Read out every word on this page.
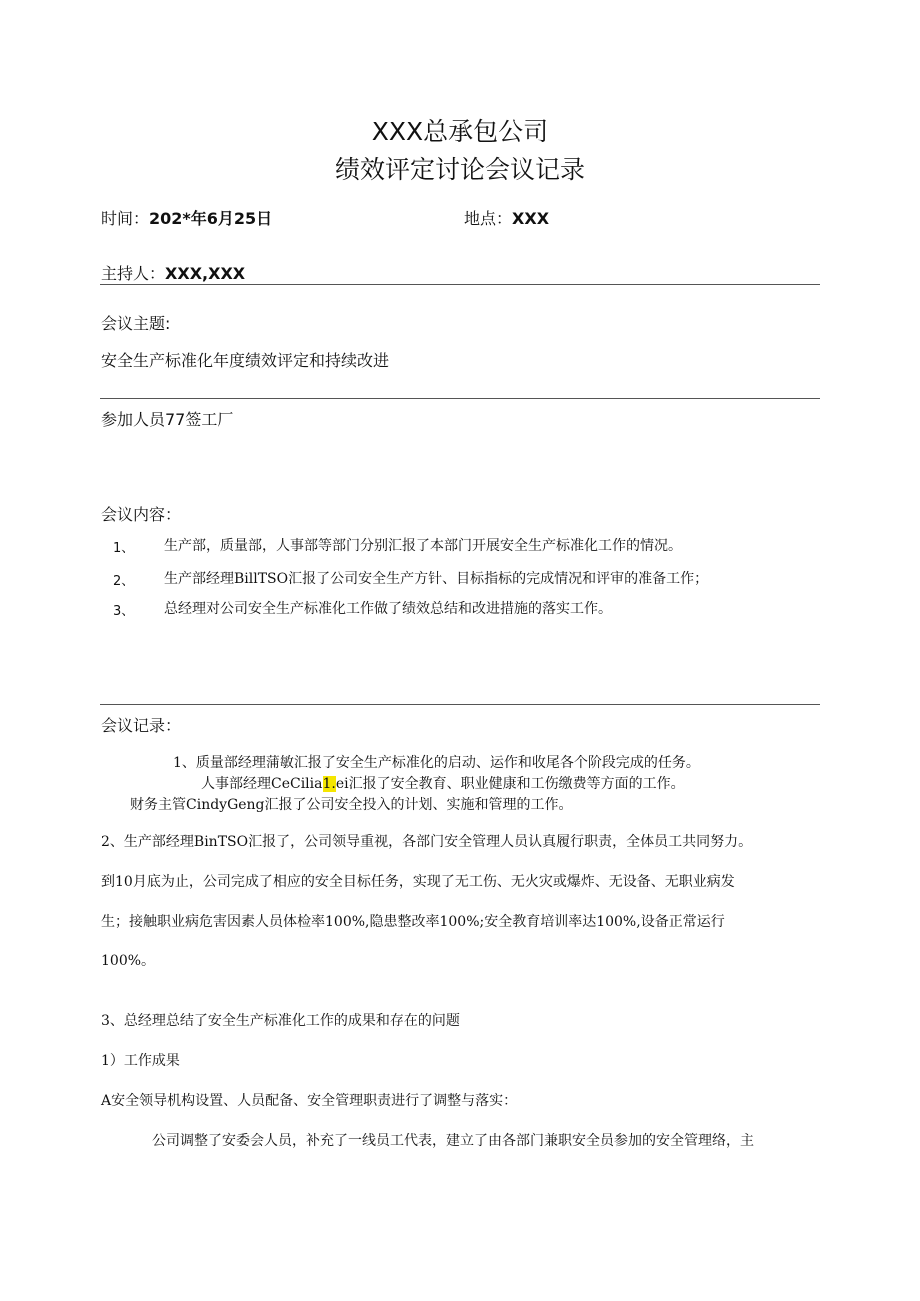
XXX总承包公司
绩效评定讨论会议记录
时间：202*年6月25日	地点：XXX
主持人：XXX,XXX
会议主题:
安全生产标准化年度绩效评定和持续改进
参加人员77签工厂
会议内容：
1、 生产部，质量部，人事部等部门分别汇报了本部门开展安全生产标准化工作的情况。
2、 生产部经理BillTSO汇报了公司安全生产方针、目标指标的完成情况和评审的准备工作；
3、 总经理对公司安全生产标准化工作做了绩效总结和改进措施的落实工作。
会议记录：
1、质量部经理蒲敏汇报了安全生产标准化的启动、运作和收尾各个阶段完成的任务。
人事部经理CeCilia1.ei汇报了安全教育、职业健康和工伤缴费等方面的工作。
财务主管CindyGeng汇报了公司安全投入的计划、实施和管理的工作。
2、生产部经理BinTSO汇报了，公司领导重视，各部门安全管理人员认真履行职责，全体员工共同努力。
到10月底为止，公司完成了相应的安全目标任务，实现了无工伤、无火灾或爆炸、无设备、无职业病发
生；接触职业病危害因素人员体检率100%,隐患整改率100%;安全教育培训率达100%,设备正常运行
100%。
3、总经理总结了安全生产标准化工作的成果和存在的问题
1）工作成果
A安全领导机构设置、人员配备、安全管理职责进行了调整与落实：
公司调整了安委会人员，补充了一线员工代表，建立了由各部门兼职安全员参加的安全管理络，主
